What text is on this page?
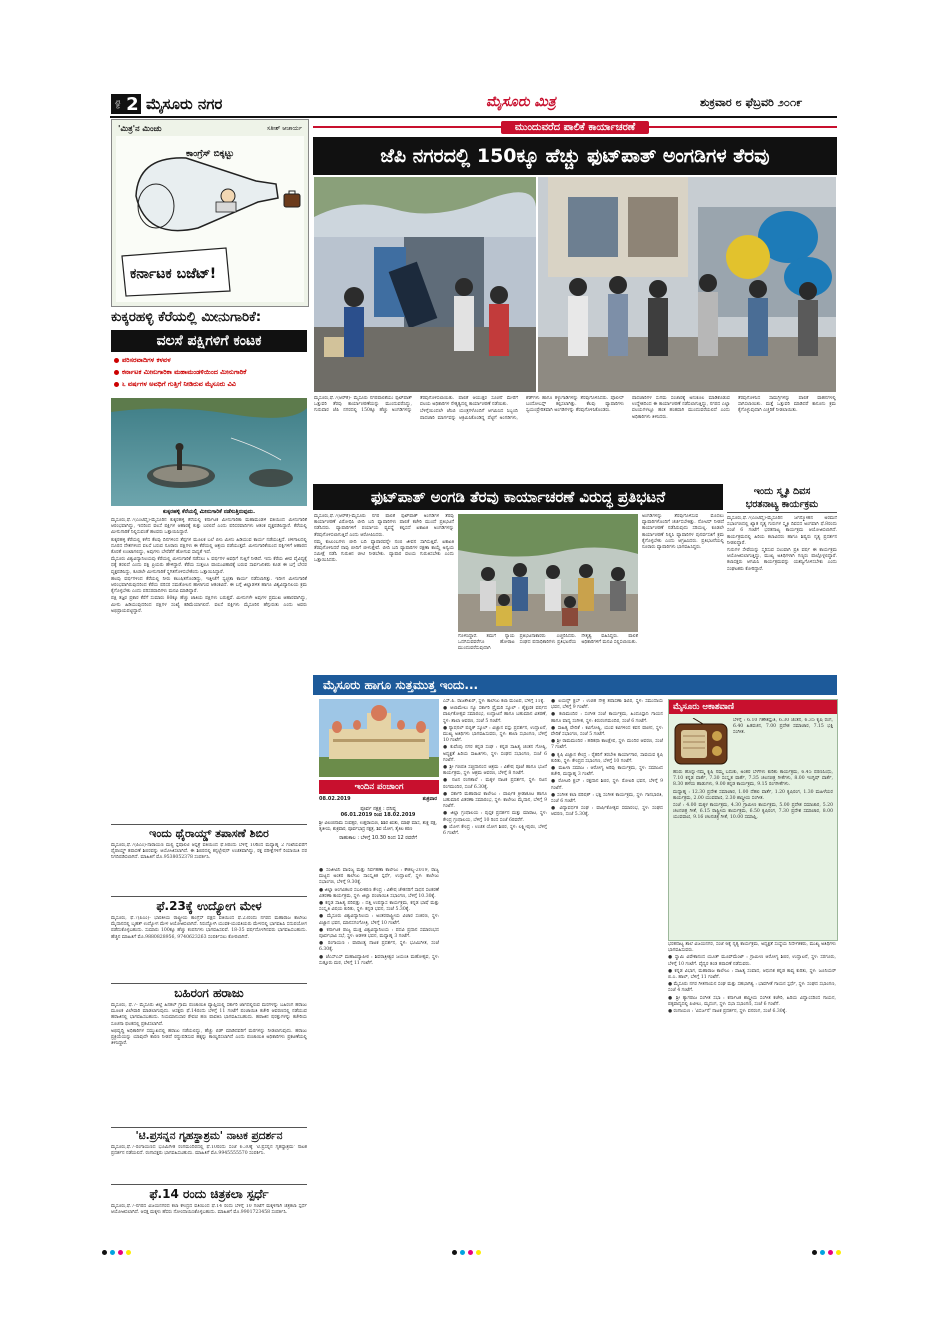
ಪುಟ 2 ಮೈಸೂರು ನಗರ	ಮೈಸೂರು ಮಿತ್ರ	ಶುಕ್ರವಾರ ೮ ಫೆಬ್ರವರಿ ೨೦೧೯
'ಮಿತ್ರ'ನ ಮಿಂಚು	ಸತೀಶ್ ಆಚಾರ್ಯ
ಕಾಂಗ್ರೆಸ್ ಬಿಕ್ಕಟ್ಟು
ಕರ್ನಾಟಕ ಬಜೆಟ್!
ಕುಕ್ಕರಹಳ್ಳಿ ಕೆರೆಯಲ್ಲಿ ಮೀನುಗಾರಿಕೆ:
ವಲಸೆ ಪಕ್ಷಿಗಳಿಗೆ ಕಂಟಕ
ಪರಿಸರವಾದಿಗಳ ಕಳವಳ
ಕರ್ನಾಟಕ ಮೀನುಗಾರಿಕಾ ಮಹಾಮಂಡಳಿಯಿಂದ ಮೀನುಗಾರಿಕೆ
೬ ವರ್ಷಗಳ ಅವಧಿಗೆ ಗುತ್ತಿಗೆ ನೀಡಿರುವ ಮೈಸೂರು ವಿವಿ
ಕುಕ್ಕರಹಳ್ಳಿ ಕೆರೆಯಲ್ಲಿ ಮೀನುಗಾರಿಕೆ ನಡೆಸುತ್ತಿರುವುದು.

ಮೈಸೂರು,ಫೆ.7(ಎಂಟಿವೈ)-ಮೈಸೂರಿನ ಕುಕ್ಕರಹಳ್ಳಿ ಕೆರೆಯಲ್ಲಿ ಕರ್ನಾಟಕ ಮೀನುಗಾರಿಕಾ ಮಹಾಮಂಡಳಿ ವತಿಯಿಂದ ಮೀನುಗಾರಿಕೆ ಆರಂಭವಾಗಿದ್ದು, ಇದರಿಂದ ವಲಸೆ ಪಕ್ಷಿಗಳ ಆಹಾರಕ್ಕೆ ಕುತ್ತು ಬರಲಿದೆ ಎಂದು ಪರಿಸರವಾದಿಗಳು ಆತಂಕ ವ್ಯಕ್ತಪಡಿಸಿದ್ದಾರೆ. ಕೆರೆಯಲ್ಲಿ ಮೀನುಗಾರಿಕೆ ನಿಲ್ಲಿಸುವಂತೆ ಹಲವರು ಒತ್ತಾಯಿಸಿದ್ದಾರೆ.

ಕುಕ್ಕರಹಳ್ಳಿ ಕೆರೆಯಲ್ಲಿ ಕಳೆದ ಕೆಲವು ದಿನಗಳಿಂದ ತೆಪ್ಪಗಳ ಮೂಲಕ ಬಲೆ ಬೀಸಿ ಮೀನು ಹಿಡಿಯುವ ಕಾರ್ಯ ನಡೆಯುತ್ತಿದೆ. ಚಳಿಗಾಲದಲ್ಲಿ ದೂರದ ದೇಶಗಳಿಂದ ವಲಸೆ ಬರುವ ನೂರಾರು ಪಕ್ಷಿಗಳು ಈ ಕೆರೆಯಲ್ಲಿ ಆಶ್ರಯ ಪಡೆಯುತ್ತವೆ. ಮೀನುಗಾರಿಕೆಯಿಂದ ಪಕ್ಷಿಗಳಿಗೆ ಆಹಾರದ ಕೊರತೆ ಉಂಟಾಗಲಿದ್ದು, ಅವುಗಳು ಬೇರೆಡೆಗೆ ಹೋಗುವ ಸಾಧ್ಯತೆ ಇದೆ.

ಮೈಸೂರು ವಿಶ್ವವಿದ್ಯಾನಿಲಯವು ಕೆರೆಯಲ್ಲಿ ಮೀನುಗಾರಿಕೆ ನಡೆಸಲು ೬ ವರ್ಷಗಳ ಅವಧಿಗೆ ಗುತ್ತಿಗೆ ನೀಡಿದೆ. ಇದು ಕೆರೆಯ ಜೀವ ವೈವಿಧ್ಯಕ್ಕೆ ಧಕ್ಕೆ ತರಲಿದೆ ಎಂದು ಪಕ್ಷಿ ಪ್ರಿಯರು ಹೇಳಿದ್ದಾರೆ. ಕೆರೆಯ ಸುತ್ತಲೂ ವಾಯುವಿಹಾರಕ್ಕೆ ಬರುವ ಸಾರ್ವಜನಿಕರು ಕೂಡ ಈ ಬಗ್ಗೆ ಬೇಸರ ವ್ಯಕ್ತಪಡಿಸಿದ್ದು, ಕೂಡಲೇ ಮೀನುಗಾರಿಕೆ ಸ್ಥಗಿತಗೊಳಿಸಬೇಕೆಂದು ಒತ್ತಾಯಿಸಿದ್ದಾರೆ.

ಹಲವು ವರ್ಷಗಳಿಂದ ಕೆರೆಯಲ್ಲಿ ನೀರು ಕಲುಷಿತಗೊಂಡಿದ್ದು, ಇತ್ತೀಚೆಗೆ ಸ್ವಚ್ಛತಾ ಕಾರ್ಯ ನಡೆಸಲಾಗಿತ್ತು. ಇದೀಗ ಮೀನುಗಾರಿಕೆ ಆರಂಭವಾಗಿರುವುದರಿಂದ ಕೆರೆಯ ಪರಿಸರ ಸಮತೋಲನ ಹಾಳಾಗುವ ಆತಂಕವಿದೆ. ಈ ಬಗ್ಗೆ ಜಿಲ್ಲಾಡಳಿತ ಹಾಗೂ ವಿಶ್ವವಿದ್ಯಾನಿಲಯ ಕ್ರಮ ಕೈಗೊಳ್ಳಬೇಕು ಎಂದು ಪರಿಸರವಾದಿಗಳು ಮನವಿ ಮಾಡಿದ್ದಾರೆ.

ಪಕ್ಷಿ ತಜ್ಞರ ಪ್ರಕಾರ ಕೆರೆಗೆ ಸುಮಾರು 80ಕ್ಕೂ ಹೆಚ್ಚು ಜಾತಿಯ ಪಕ್ಷಿಗಳು ಬರುತ್ತವೆ. ಮೀನುಗಳೇ ಅವುಗಳ ಪ್ರಮುಖ ಆಹಾರವಾಗಿದ್ದು, ಮೀನು ಹಿಡಿಯುವುದರಿಂದ ಪಕ್ಷಿಗಳ ಸಂಖ್ಯೆ ಕಡಿಮೆಯಾಗಲಿದೆ. ವಲಸೆ ಪಕ್ಷಿಗಳು ಮೈಸೂರಿನ ಹೆಗ್ಗುರುತು ಎಂದು ಅವರು ಅಭಿಪ್ರಾಯಪಟ್ಟಿದ್ದಾರೆ.

ಇಂದು ಥೈರಾಯ್ಡ್ ತಪಾಸಣೆ ಶಿಬಿರ

ಮೈಸೂರು,ಫೆ.7(ಪಿಎಂ)-ನಾರಾಯಣ ಮಲ್ಟಿ ಸ್ಪೆಷಾಲಿಟಿ ಆಸ್ಪತ್ರೆ ವತಿಯಿಂದ ಫೆ.8ರಂದು ಬೆಳಿಗ್ಗೆ 10ರಿಂದ ಮಧ್ಯಾಹ್ನ 2 ಗಂಟೆಯವರೆಗೆ ಥೈರಾಯ್ಡ್ ತಪಾಸಣೆ ಶಿಬಿರವನ್ನು ಆಯೋಜಿಸಲಾಗಿದೆ. ಈ ಶಿಬಿರದಲ್ಲಿ ಕನ್ಸಲ್ಟೇಷನ್ ಉಚಿತವಾಗಿದ್ದು, ರಕ್ತ ಪರೀಕ್ಷೆಗಳಿಗೆ ರಿಯಾಯಿತಿ ದರ ನಿಗದಿಪಡಿಸಲಾಗಿದೆ. ಮಾಹಿತಿಗೆ ಮೊ.9538052378 ಸಂಪರ್ಕಿಸಿ.

ಫೆ.23ಕ್ಕೆ ಉದ್ಯೋಗ ಮೇಳ

ಮೈಸೂರು, ಫೆ.7(ಪಿಎಂ)- ಭಾರತೀಯ ರಾಷ್ಟ್ರೀಯ ಕಾಂಗ್ರೆಸ್ ಪಕ್ಷದ ವತಿಯಿಂದ ಫೆ.23ರಂದು ನಗರದ ಮಹಾರಾಜ ಕಾಲೇಜು ಮೈದಾನದಲ್ಲಿ ಬೃಹತ್ ಉದ್ಯೋಗ ಮೇಳ ಆಯೋಜಿಸಲಾಗಿದೆ. ನಿರುದ್ಯೋಗಿ ಯುವಕ-ಯುವತಿಯರು ಮೇಳದಲ್ಲಿ ಭಾಗವಹಿಸಿ ಸದುಪಯೋಗ ಪಡೆದುಕೊಳ್ಳಬಹುದು. ಸುಮಾರು 100ಕ್ಕೂ ಹೆಚ್ಚು ಕಂಪನಿಗಳು ಭಾಗವಹಿಸಲಿವೆ. 18-35 ವರ್ಷದೊಳಗಿನವರು ಭಾಗವಹಿಸಬಹುದು. ಹೆಚ್ಚಿನ ಮಾಹಿತಿಗೆ ಮೊ.9880828956, 9740623263 ಸಂಪರ್ಕಿಸಲು ಕೋರಲಾಗಿದೆ.

ಬಹಿರಂಗ ಹರಾಜು

ಮೈಸೂರು, ಫೆ.7- ಮೈಸೂರು ಜಿಲ್ಲೆ ಹಿನಕಲ್ ಗ್ರಾಮ ಪಂಚಾಯಿತಿ ವ್ಯಾಪ್ತಿಯಲ್ಲಿ ಸರ್ಕಾರಿ ಜಾಗದಲ್ಲಿರುವ ಮರಗಳನ್ನು ಬಹಿರಂಗ ಹರಾಜು ಮೂಲಕ ವಿಲೇವಾರಿ ಮಾಡಲಾಗುವುದು. ಆಸಕ್ತರು ಫೆ.14ರಂದು ಬೆಳಿಗ್ಗೆ 11 ಗಂಟೆಗೆ ಪಂಚಾಯಿತಿ ಕಚೇರಿ ಆವರಣದಲ್ಲಿ ನಡೆಯುವ ಹರಾಜಿನಲ್ಲಿ ಭಾಗವಹಿಸಬಹುದು. ನಿಯಮಾನುಸಾರ ಠೇವಣಿ ಹಣ ಪಾವತಿಸಿ ಭಾಗವಹಿಸಬಹುದು. ಹರಾಜಿನ ಷರತ್ತುಗಳನ್ನು ಕಚೇರಿಯ ಸೂಚನಾ ಫಲಕದಲ್ಲಿ ಪ್ರಕಟಿಸಲಾಗಿದೆ.

ಅಭಿವೃದ್ಧಿ ಅಧಿಕಾರಿಗಳ ಸಮ್ಮುಖದಲ್ಲಿ ಹರಾಜು ನಡೆಯಲಿದ್ದು, ಹೆಚ್ಚು ಬಿಡ್ ಮಾಡಿದವರಿಗೆ ಮರಗಳನ್ನು ನೀಡಲಾಗುವುದು. ಹರಾಜು ಪ್ರಕ್ರಿಯೆಯನ್ನು ಯಾವುದೇ ಕಾರಣ ನೀಡದೆ ರದ್ದುಪಡಿಸುವ ಹಕ್ಕನ್ನು ಕಾಯ್ದಿರಿಸಲಾಗಿದೆ ಎಂದು ಪಂಚಾಯಿತಿ ಅಧಿಕಾರಿಗಳು ಪ್ರಕಟಣೆಯಲ್ಲಿ ತಿಳಿಸಿದ್ದಾರೆ.

'ಟಿ.ಪ್ರಸನ್ನನ ಗೃಹಸ್ಥಾಶ್ರಮ' ನಾಟಕ ಪ್ರದರ್ಶನ

ಮೈಸೂರು,ಫೆ.7-ರಂಗಾಯಣದ ಭೂಮಿಗೀತ ರಂಗಮಂದಿರದಲ್ಲಿ ಫೆ.10ರಂದು ಸಂಜೆ 6.30ಕ್ಕೆ 'ಟಿ.ಪ್ರಸನ್ನನ ಗೃಹಸ್ಥಾಶ್ರಮ' ನಾಟಕ ಪ್ರದರ್ಶನ ನಡೆಯಲಿದೆ. ರಂಗಾಸಕ್ತರು ಭಾಗವಹಿಸಬಹುದು. ಮಾಹಿತಿಗೆ ಮೊ.9945555570 ಸಂಪರ್ಕಿಸಿ.

ಫೆ.14 ರಂದು ಚಿತ್ರಕಲಾ ಸ್ಪರ್ಧೆ

ಮೈಸೂರು,ಫೆ.7-ನಗರದ ವಿಜಯನಗರದ ಕಲಾ ಕೇಂದ್ರದ ವತಿಯಿಂದ ಫೆ.14 ರಂದು ಬೆಳಿಗ್ಗೆ 10 ಗಂಟೆಗೆ ಮಕ್ಕಳಿಗಾಗಿ ಚಿತ್ರಕಲಾ ಸ್ಪರ್ಧೆ ಆಯೋಜಿಸಲಾಗಿದೆ. ಆಸಕ್ತ ಮಕ್ಕಳು ಹೆಸರು ನೋಂದಾಯಿಸಿಕೊಳ್ಳಬಹುದು. ಮಾಹಿತಿಗೆ ಮೊ.9901723458 ಸಂಪರ್ಕಿಸಿ.

ಮುಂದುವರೆದ ಪಾಲಿಕೆ ಕಾರ್ಯಾಚರಣೆ
ಜೆಪಿ ನಗರದಲ್ಲಿ 150ಕ್ಕೂ ಹೆಚ್ಚು ಫುಟ್‌ಪಾತ್ ಅಂಗಡಿಗಳ ತೆರವು

ಮೈಸೂರು,ಫೆ.7(ಆರ್‌ಕೆ)- ಮೈಸೂರು ನಗರಪಾಲಿಕೆಯು ಫುಟ್‌ಪಾತ್ ಒತ್ತುವರಿ ತೆರವು ಕಾರ್ಯಾಚರಣೆಯನ್ನು ಮುಂದುವರೆಸಿದ್ದು, ಗುರುವಾರ ಜೆಪಿ ನಗರದಲ್ಲಿ 150ಕ್ಕೂ ಹೆಚ್ಚು ಅಂಗಡಿಗಳನ್ನು ತೆರವುಗೊಳಿಸಲಾಯಿತು. ಪಾಲಿಕೆ ಆಯುಕ್ತರ ಸೂಚನೆ ಮೇರೆಗೆ ವಲಯ ಅಧಿಕಾರಿಗಳ ನೇತೃತ್ವದಲ್ಲಿ ಕಾರ್ಯಾಚರಣೆ ನಡೆಯಿತು.

ಬೆಳಿಗ್ಗೆಯಿಂದಲೇ ಜೆಸಿಬಿ ಯಂತ್ರಗಳೊಂದಿಗೆ ಆಗಮಿಸಿದ ಸಿಬ್ಬಂದಿ ಪಾದಚಾರಿ ಮಾರ್ಗವನ್ನು ಆಕ್ರಮಿಸಿಕೊಂಡಿದ್ದ ಪೆಟ್ಟಿಗೆ ಅಂಗಡಿಗಳು, ಶೆಡ್‌ಗಳು ಹಾಗೂ ತಳ್ಳುಗಾಡಿಗಳನ್ನು ತೆರವುಗೊಳಿಸಿದರು. ಪೊಲೀಸ್ ಬಂದೋಬಸ್ತ್ ಕಲ್ಪಿಸಲಾಗಿತ್ತು. ಕೆಲವು ವ್ಯಾಪಾರಿಗಳು ಸ್ವಯಂಪ್ರೇರಿತವಾಗಿ ಅಂಗಡಿಗಳನ್ನು ತೆರವುಗೊಳಿಸಿಕೊಂಡರು.

ಪಾದಚಾರಿಗಳ ಸುಗಮ ಸಂಚಾರಕ್ಕೆ ಅನುಕೂಲ ಮಾಡಿಕೊಡುವ ಉದ್ದೇಶದಿಂದ ಈ ಕಾರ್ಯಾಚರಣೆ ನಡೆಸಲಾಗುತ್ತಿದ್ದು, ನಗರದ ಎಲ್ಲಾ ವಲಯಗಳಲ್ಲೂ ಹಂತ ಹಂತವಾಗಿ ಮುಂದುವರೆಯಲಿದೆ ಎಂದು ಅಧಿಕಾರಿಗಳು ತಿಳಿಸಿದರು.

ತೆರವುಗೊಳಿಸಿದ ಸಾಮಗ್ರಿಗಳನ್ನು ಪಾಲಿಕೆ ವಾಹನಗಳಲ್ಲಿ ಸಾಗಿಸಲಾಯಿತು. ಮತ್ತೆ ಒತ್ತುವರಿ ಮಾಡಿದರೆ ಕಾನೂನು ಕ್ರಮ ಕೈಗೊಳ್ಳುವುದಾಗಿ ಎಚ್ಚರಿಕೆ ನೀಡಲಾಯಿತು.

ಫುಟ್‌ಪಾತ್ ಅಂಗಡಿ ತೆರವು ಕಾರ್ಯಾಚರಣೆ ವಿರುದ್ಧ ಪ್ರತಿಭಟನೆ

ಮೈಸೂರು,ಫೆ.7(ಆರ್‌ಕೆ)-ಮೈಸೂರು ನಗರ ಪಾಲಿಕೆ ಫುಟ್‌ಪಾತ್ ಅಂಗಡಿಗಳ ತೆರವು ಕಾರ್ಯಾಚರಣೆ ವಿರೋಧಿಸಿ ಬೀದಿ ಬದಿ ವ್ಯಾಪಾರಿಗಳು ಪಾಲಿಕೆ ಕಚೇರಿ ಮುಂದೆ ಪ್ರತಿಭಟನೆ ನಡೆಸಿದರು. ವ್ಯಾಪಾರಿಗಳಿಗೆ ಪರ್ಯಾಯ ವ್ಯವಸ್ಥೆ ಕಲ್ಪಿಸದೆ ಏಕಾಏಕಿ ಅಂಗಡಿಗಳನ್ನು ತೆರವುಗೊಳಿಸಲಾಗುತ್ತಿದೆ ಎಂದು ಆರೋಪಿಸಿದರು.

ನಮ್ಮ ಕುಟುಂಬಗಳು ಬೀದಿ ಬದಿ ವ್ಯಾಪಾರವನ್ನೇ ನಂಬಿ ಜೀವನ ಸಾಗಿಸುತ್ತಿವೆ. ಏಕಾಏಕಿ ತೆರವುಗೊಳಿಸಿದರೆ ನಾವು ಬೀದಿಗೆ ಬೀಳುತ್ತೇವೆ. ಬೀದಿ ಬದಿ ವ್ಯಾಪಾರಿಗಳ ರಕ್ಷಣಾ ಕಾಯ್ದೆ ಅನ್ವಯ ಸಮೀಕ್ಷೆ ನಡೆಸಿ ಗುರುತಿನ ಚೀಟಿ ನೀಡಬೇಕು. ವ್ಯಾಪಾರ ವಲಯ ಗುರುತಿಸಬೇಕು ಎಂದು ಒತ್ತಾಯಿಸಿದರು.

ಗೊಳಿಸಿದ್ದಾರೆ. ತಮಗೆ ನ್ಯಾಯ ಒದಗಿಸುವವರೆಗೂ ಹೋರಾಟ ಮುಂದುವರೆಸುವುದಾಗಿ ಪ್ರತಿಭಟನಾಕಾರರು ಎಚ್ಚರಿಸಿದರು. ಸಂಘದ ಪದಾಧಿಕಾರಿಗಳು ಪ್ರತಿಭಟನೆಯ ನೇತೃತ್ವ ವಹಿಸಿದ್ದರು. ಪಾಲಿಕೆ ಅಧಿಕಾರಿಗಳಿಗೆ ಮನವಿ ಸಲ್ಲಿಸಲಾಯಿತು.

ಅಂಗಡಿಗಳನ್ನು ತೆರವುಗೊಳಿಸುವ ಮೊದಲು ವ್ಯಾಪಾರಿಗಳೊಂದಿಗೆ ಚರ್ಚಿಸಬೇಕಿತ್ತು. ನೋಟಿಸ್ ನೀಡದೆ ಕಾರ್ಯಾಚರಣೆ ನಡೆಸಿರುವುದು ಸರಿಯಲ್ಲ. ಕೂಡಲೇ ಕಾರ್ಯಾಚರಣೆ ನಿಲ್ಲಿಸಿ ವ್ಯಾಪಾರಿಗಳ ಪುನರ್ವಸತಿಗೆ ಕ್ರಮ ಕೈಗೊಳ್ಳಬೇಕು ಎಂದು ಆಗ್ರಹಿಸಿದರು. ಪ್ರತಿಭಟನೆಯಲ್ಲಿ ನೂರಾರು ವ್ಯಾಪಾರಿಗಳು ಭಾಗವಹಿಸಿದ್ದರು.

ಇಂದು ಸ್ಮೃತಿ ದಿವಸ
ಭರತನಾಟ್ಯ ಕಾರ್ಯಕ್ರಮ

ಮೈಸೂರು,ಫೆ.7(ಎಂಟಿವೈ)-ಮೈಸೂರಿನ ಜಗನ್ಮೋಹನ ಅರಮನೆ ಸಭಾಂಗಣದಲ್ಲಿ ಖ್ಯಾತ ನೃತ್ಯ ಗುರುಗಳ ಸ್ಮೃತಿ ದಿವಸದ ಅಂಗವಾಗಿ ಫೆ.8ರಂದು ಸಂಜೆ 6 ಗಂಟೆಗೆ ಭರತನಾಟ್ಯ ಕಾರ್ಯಕ್ರಮ ಆಯೋಜಿಸಲಾಗಿದೆ. ಕಾರ್ಯಕ್ರಮದಲ್ಲಿ ಹಿರಿಯ ಕಲಾವಿದರು ಹಾಗೂ ಶಿಷ್ಯರು ನೃತ್ಯ ಪ್ರದರ್ಶನ ನೀಡಲಿದ್ದಾರೆ.

ಗುರುಗಳ ಸೇವೆಯನ್ನು ಸ್ಮರಿಸುವ ಸಲುವಾಗಿ ಪ್ರತಿ ವರ್ಷ ಈ ಕಾರ್ಯಕ್ರಮ ಆಯೋಜಿಸಲಾಗುತ್ತಿದ್ದು, ಮುಖ್ಯ ಅತಿಥಿಗಳಾಗಿ ಗಣ್ಯರು ಪಾಲ್ಗೊಳ್ಳಲಿದ್ದಾರೆ. ಕಲಾಸಕ್ತರು ಆಗಮಿಸಿ ಕಾರ್ಯಕ್ರಮವನ್ನು ಯಶಸ್ವಿಗೊಳಿಸಬೇಕು ಎಂದು ಸಂಘಟಕರು ಕೋರಿದ್ದಾರೆ.

ಮೈಸೂರು ಹಾಗೂ ಸುತ್ತಮುತ್ತ ಇಂದು...
ಇಂದಿನ ಪಂಚಾಂಗ
08.02.2019	ಶುಕ್ರವಾರ
ಪೂರ್ವ ನಕ್ಷತ್ರ : ಧನಿಷ್ಠ
06.01.2019 ರಿಂದ 18.02.2019

ಶ್ರೀ ವಿಲಂಬಿನಾಮ ಸಂವತ್ಸರ, ಉತ್ತರಾಯಣ, ಶಿಶಿರ ಋತು, ಮಾಘ ಮಾಸ, ಶುಕ್ಲ ಪಕ್ಷ, ತೃತೀಯ, ಶುಕ್ರವಾರ, ಪೂರ್ವಭಾದ್ರ ನಕ್ಷತ್ರ, ಶಿವ ಯೋಗ, ತೈತಿಲ ಕರಣ

ರಾಹುಕಾಲ : ಬೆಳಿಗ್ಗೆ 10.30 ರಿಂದ 12 ರವರೆಗೆ

● ಸಂಜೀವಿನಿ ವಾಣಿಜ್ಯ ಮತ್ತು ನಿರ್ವಹಣಾ ಕಾಲೇಜು : ಕೌಶಲ್ಯ-2019, ರಾಜ್ಯ ಮಟ್ಟದ ಅಂತರ ಕಾಲೇಜು ಸಾಂಸ್ಕೃತಿಕ ಸ್ಪರ್ಧೆ, ಉದ್ಘಾಟನೆ, ಸ್ಥಳ: ಕಾಲೇಜು ಸಭಾಂಗಣ, ಬೆಳಿಗ್ಗೆ 9.30ಕ್ಕೆ.

● ಜಿಲ್ಲಾ ಆಂಗವಿಕಲರ ಸಬಲೀಕರಣ ಕೇಂದ್ರ : ವಿಶೇಷ ಚೇತನರಿಗೆ ಸಾಧನ ಸಲಕರಣೆ ವಿತರಣಾ ಕಾರ್ಯಕ್ರಮ, ಸ್ಥಳ: ಜಿಲ್ಲಾ ಪಂಚಾಯಿತಿ ಸಭಾಂಗಣ, ಬೆಳಿಗ್ಗೆ 10.30ಕ್ಕೆ.

● ಕನ್ನಡ ಸಾಹಿತ್ಯ ಪರಿಷತ್ತು : ದತ್ತಿ ಉಪನ್ಯಾಸ ಕಾರ್ಯಕ್ರಮ, ಕನ್ನಡ ಭಾಷೆ ಮತ್ತು ಸಂಸ್ಕೃತಿ ವಿಷಯ ಕುರಿತು, ಸ್ಥಳ: ಕನ್ನಡ ಭವನ, ಸಂಜೆ 5.30ಕ್ಕೆ.

● ಮೈಸೂರು ವಿಶ್ವವಿದ್ಯಾನಿಲಯ : ಅಂತರರಾಷ್ಟ್ರೀಯ ವಿಚಾರ ಸಂಕಿರಣ, ಸ್ಥಳ: ವಿಜ್ಞಾನ ಭವನ, ಮಾನಸಗಂಗೋತ್ರಿ, ಬೆಳಿಗ್ಗೆ 10 ಗಂಟೆಗೆ.

● ಕರ್ನಾಟಕ ರಾಜ್ಯ ಮುಕ್ತ ವಿಶ್ವವಿದ್ಯಾನಿಲಯ : ಪದವಿ ಪ್ರದಾನ ಸಮಾರಂಭದ ಪೂರ್ವಭಾವಿ ಸಭೆ, ಸ್ಥಳ: ಆಡಳಿತ ಭವನ, ಮಧ್ಯಾಹ್ನ 3 ಗಂಟೆಗೆ.

● ರಂಗಾಯಣ : ವಾರಾಂತ್ಯ ನಾಟಕ ಪ್ರದರ್ಶನ, ಸ್ಥಳ: ಭೂಮಿಗೀತ, ಸಂಜೆ 6.30ಕ್ಕೆ.

● ಜೆಎಸ್‌ಎಸ್ ಮಹಾವಿದ್ಯಾಪೀಠ : ಶಿವರಾತ್ರೀಶ್ವರ ಜಯಂತಿ ಮಹೋತ್ಸವ, ಸ್ಥಳ: ಸುತ್ತೂರು ಮಠ, ಬೆಳಿಗ್ಗೆ 11 ಗಂಟೆಗೆ.

ಎಸ್.ಪಿ. ರಾಜಶೇಖರ್, ಸ್ಥಳ: ಕಾಲೇಜು ಕಲಾ ಮಂಟಪ, ಬೆಳಿಗ್ಗೆ 11ಕ್ಕೆ.

● ಆಲಾಮೇಲು ನ್ಯೂ ಸರ್ಕಾರಿ ಪ್ರೈಮರಿ ಸ್ಕೂಲ್ : ಶೈಕ್ಷಣಿಕ ವರ್ಷದ ವಾರ್ಷಿಕೋತ್ಸವ ಸಮಾರಂಭ, ಉದ್ಘಾಟನೆ ಹಾಗೂ ಬಹುಮಾನ ವಿತರಣೆ, ಸ್ಥಳ: ಶಾಲಾ ಆವರಣ, ಸಂಜೆ 5 ಗಂಟೆಗೆ.

● ನ್ಯಾಷನಲ್ ಪಬ್ಲಿಕ್ ಸ್ಕೂಲ್ : ವಿಜ್ಞಾನ ವಸ್ತು ಪ್ರದರ್ಶನ, ಉದ್ಘಾಟನೆ, ಮುಖ್ಯ ಅತಿಥಿಗಳು ಭಾಗವಹಿಸುವರು, ಸ್ಥಳ: ಶಾಲಾ ಸಭಾಂಗಣ, ಬೆಳಿಗ್ಗೆ 10 ಗಂಟೆಗೆ.

● ಕುವೆಂಪು ನಗರ ಕನ್ನಡ ಸಂಘ : ಕನ್ನಡ ಸಾಹಿತ್ಯ ಚಿಂತನ ಗೋಷ್ಠಿ, ಅಧ್ಯಕ್ಷತೆ ಹಿರಿಯ ಸಾಹಿತಿಗಳು, ಸ್ಥಳ: ಸಂಘದ ಸಭಾಂಗಣ, ಸಂಜೆ 6 ಗಂಟೆಗೆ.

● ಶ್ರೀ ಗಣಪತಿ ಸಚ್ಚಿದಾನಂದ ಆಶ್ರಮ : ವಿಶೇಷ ಪೂಜೆ ಹಾಗೂ ಭಜನೆ ಕಾರ್ಯಕ್ರಮ, ಸ್ಥಳ: ಆಶ್ರಮ ಆವರಣ, ಬೆಳಿಗ್ಗೆ 8 ಗಂಟೆಗೆ.

● ನಟನ ರಂಗಶಾಲೆ : ಮಕ್ಕಳ ನಾಟಕ ಪ್ರದರ್ಶನ, ಸ್ಥಳ: ನಟನ ರಂಗಮಂದಿರ, ಸಂಜೆ 6.30ಕ್ಕೆ.

● ಸರ್ಕಾರಿ ಮಹಾರಾಣಿ ಕಾಲೇಜು : ವಾರ್ಷಿಕ ಕ್ರೀಡಾಕೂಟ ಹಾಗೂ ಬಹುಮಾನ ವಿತರಣಾ ಸಮಾರಂಭ, ಸ್ಥಳ: ಕಾಲೇಜು ಮೈದಾನ, ಬೆಳಿಗ್ಗೆ 9 ಗಂಟೆಗೆ.

● ಜಿಲ್ಲಾ ಗ್ರಂಥಾಲಯ : ಪುಸ್ತಕ ಪ್ರದರ್ಶನ ಮತ್ತು ಮಾರಾಟ, ಸ್ಥಳ: ಕೇಂದ್ರ ಗ್ರಂಥಾಲಯ, ಬೆಳಿಗ್ಗೆ 10 ರಿಂದ ಸಂಜೆ 6ರವರೆಗೆ.

● ಯೋಗ ಕೇಂದ್ರ : ಉಚಿತ ಯೋಗ ಶಿಬಿರ, ಸ್ಥಳ: ಲಕ್ಷ್ಮೀಪುರಂ, ಬೆಳಿಗ್ಗೆ 6 ಗಂಟೆಗೆ.

● ಲಯನ್ಸ್ ಕ್ಲಬ್ : ಉಚಿತ ನೇತ್ರ ತಪಾಸಣಾ ಶಿಬಿರ, ಸ್ಥಳ: ಸಮುದಾಯ ಭವನ, ಬೆಳಿಗ್ಗೆ 9 ಗಂಟೆಗೆ.

● ಕಲಾಮಂದಿರ : ಸಂಗೀತ ಸಂಜೆ ಕಾರ್ಯಕ್ರಮ, ಹಿಂದೂಸ್ತಾನಿ ಗಾಯನ ಹಾಗೂ ವಾದ್ಯ ಸಂಗೀತ, ಸ್ಥಳ: ಕಿರುರಂಗಮಂದಿರ, ಸಂಜೆ 6 ಗಂಟೆಗೆ.

● ಸಾಹಿತ್ಯ ವೇದಿಕೆ : ಕವಿಗೋಷ್ಠಿ, ಯುವ ಕವಿಗಳಿಂದ ಕವನ ವಾಚನ, ಸ್ಥಳ: ವೇದಿಕೆ ಸಭಾಂಗಣ, ಸಂಜೆ 5 ಗಂಟೆಗೆ.

● ಶ್ರೀ ರಾಮಮಂದಿರ : ಹರಿಕಥಾ ಕಾಲಕ್ಷೇಪ, ಸ್ಥಳ: ಮಂದಿರ ಆವರಣ, ಸಂಜೆ 7 ಗಂಟೆಗೆ.

● ಕೃಷಿ ವಿಜ್ಞಾನ ಕೇಂದ್ರ : ರೈತರಿಗೆ ತರಬೇತಿ ಕಾರ್ಯಾಗಾರ, ಸಾವಯವ ಕೃಷಿ ಕುರಿತು, ಸ್ಥಳ: ಕೇಂದ್ರದ ಸಭಾಂಗಣ, ಬೆಳಿಗ್ಗೆ 10 ಗಂಟೆಗೆ.

● ಮಹಿಳಾ ಸಮಾಜ : ಆರೋಗ್ಯ ಅರಿವು ಕಾರ್ಯಕ್ರಮ, ಸ್ಥಳ: ಸಮಾಜದ ಕಚೇರಿ, ಮಧ್ಯಾಹ್ನ 3 ಗಂಟೆಗೆ.

● ರೋಟರಿ ಕ್ಲಬ್ : ರಕ್ತದಾನ ಶಿಬಿರ, ಸ್ಥಳ: ರೋಟರಿ ಭವನ, ಬೆಳಿಗ್ಗೆ 9 ಗಂಟೆಗೆ.

● ಸಂಗೀತ ಕಲಾ ಪರಿಷತ್ : ಭಕ್ತಿ ಸಂಗೀತ ಕಾರ್ಯಕ್ರಮ, ಸ್ಥಳ: ಗಾನಭಾರತಿ, ಸಂಜೆ 6 ಗಂಟೆಗೆ.

● ವಿದ್ಯಾವರ್ಧಕ ಸಂಘ : ವಾರ್ಷಿಕೋತ್ಸವ ಸಮಾರಂಭ, ಸ್ಥಳ: ಸಂಘದ ಆವರಣ, ಸಂಜೆ 5.30ಕ್ಕೆ.

ಮೈಸೂರು ಆಕಾಶವಾಣಿ

ಬೆಳಿಗ್ಗೆ : 6.10 ಗಣೇಶಸ್ತುತಿ, 6.30 ಚಿಂತನ, 6.35 ಕೃಷಿ ರಂಗ, 6.40 ಹಿತವಚನ, 7.00 ಪ್ರದೇಶ ಸಮಾಚಾರ, 7.15 ಭಕ್ತಿ ಸಂಗೀತ.

ಹಸಿರು ಹೊನ್ನು-ನಮ್ಮ ಕೃಷಿ ನಮ್ಮ ಬದುಕು, ಅಂತರ ಬೆಳೆಗಳು ಕುರಿತು ಕಾರ್ಯಕ್ರಮ, 6.45 ಪಠಣಸಿಂಧು, 7.10 ಕನ್ನಡ ವಾರ್ತೆ, 7.30 ಸಂಸ್ಕೃತ ವಾರ್ತೆ, 7.35 ಚಲನಚಿತ್ರ ಗೀತೆಗಳು, 8.00 ಇಂಗ್ಲಿಷ್ ವಾರ್ತೆ, 8.30 ಹಳೆಯ ಹಾಡುಗಳು, 9.00 ಕನ್ನಡ ಕಾರ್ಯಕ್ರಮ, 9.15 ರಂಗಗೀತೆಗಳು.

ಮಧ್ಯಾಹ್ನ : 12.30 ಪ್ರದೇಶ ಸಮಾಚಾರ, 1.00 ದೆಹಲಿ ವಾರ್ತೆ, 1.20 ಕೃಷಿರಂಗ, 1.30 ಮಹಿಳೆಯರ ಕಾರ್ಯಕ್ರಮ, 2.00 ಯುವವಾಣಿ, 2.30 ಶಾಸ್ತ್ರೀಯ ಸಂಗೀತ.

ಸಂಜೆ : 4.00 ಮಕ್ಕಳ ಕಾರ್ಯಕ್ರಮ, 4.30 ಗ್ರಾಮೀಣ ಕಾರ್ಯಕ್ರಮ, 5.00 ಪ್ರದೇಶ ಸಮಾಚಾರ, 5.20 ಚಲನಚಿತ್ರ ಗೀತೆ, 6.15 ರಾಷ್ಟ್ರೀಯ ಕಾರ್ಯಕ್ರಮ, 6.50 ಕೃಷಿರಂಗ, 7.30 ಪ್ರದೇಶ ಸಮಾಚಾರ, 8.00 ಯುವವಾಣಿ, 9.16 ಚಲನಚಿತ್ರ ಗೀತೆ, 10.00 ಸಮಾಪ್ತಿ.

ಭರತನಾಟ್ಯ ಶಾಲೆ ವಿಜಯನಗರ, ಸಂಜೆ 6ಕ್ಕೆ ನೃತ್ಯ ಕಾರ್ಯಕ್ರಮ, ಅಧ್ಯಕ್ಷತೆ ಸಂಸ್ಥೆಯ ನಿರ್ದೇಶಕರು, ಮುಖ್ಯ ಅತಿಥಿಗಳು ಭಾಗವಹಿಸುವರು.

● ಸ್ವಾಮಿ ವಿವೇಕಾನಂದ ಯೂತ್ ಮೂವ್‌ಮೆಂಟ್ : ಗ್ರಾಮೀಣ ಆರೋಗ್ಯ ಶಿಬಿರ, ಉದ್ಘಾಟನೆ, ಸ್ಥಳ: ಸರಗೂರು, ಬೆಳಿಗ್ಗೆ 10 ಗಂಟೆಗೆ. ವೈದ್ಯರ ತಂಡ ತಪಾಸಣೆ ನಡೆಸುವರು.

● ಕನ್ನಡ ವಿಭಾಗ, ಮಹಾರಾಜ ಕಾಲೇಜು : ಸಾಹಿತ್ಯ ಸಂವಾದ, ಆಧುನಿಕ ಕನ್ನಡ ಕಾವ್ಯ ಕುರಿತು, ಸ್ಥಳ: ಜೂನಿಯರ್ ಬಿ.ಎ. ಹಾಲ್, ಬೆಳಿಗ್ಗೆ 11 ಗಂಟೆಗೆ.

● ಮೈಸೂರು ನಗರ ಗೀತಗಾಯನ ಸಂಘ ಮತ್ತು ಸಹಭಾಗಿತ್ವ : ಭಾವಗೀತೆ ಗಾಯನ ಸ್ಪರ್ಧೆ, ಸ್ಥಳ: ಸಂಘದ ಸಭಾಂಗಣ, ಸಂಜೆ 4 ಗಂಟೆಗೆ.

● ಶ್ರೀ ತ್ಯಾಗರಾಜ ಸಂಗೀತ ಸಭಾ : ಕರ್ನಾಟಕ ಶಾಸ್ತ್ರೀಯ ಸಂಗೀತ ಕಚೇರಿ, ಹಿರಿಯ ವಿದ್ವಾಂಸರಿಂದ ಗಾಯನ, ಪಕ್ಕವಾದ್ಯದಲ್ಲಿ ಪಿಟೀಲು, ಮೃದಂಗ, ಸ್ಥಳ: ಸಭಾ ಸಭಾಂಗಣ, ಸಂಜೆ 6 ಗಂಟೆಗೆ.

● ರಂಗಾಯಣ : 'ವಿಸರ್ಜನೆ' ನಾಟಕ ಪ್ರದರ್ಶನ, ಸ್ಥಳ: ವನರಂಗ, ಸಂಜೆ 6.30ಕ್ಕೆ.
